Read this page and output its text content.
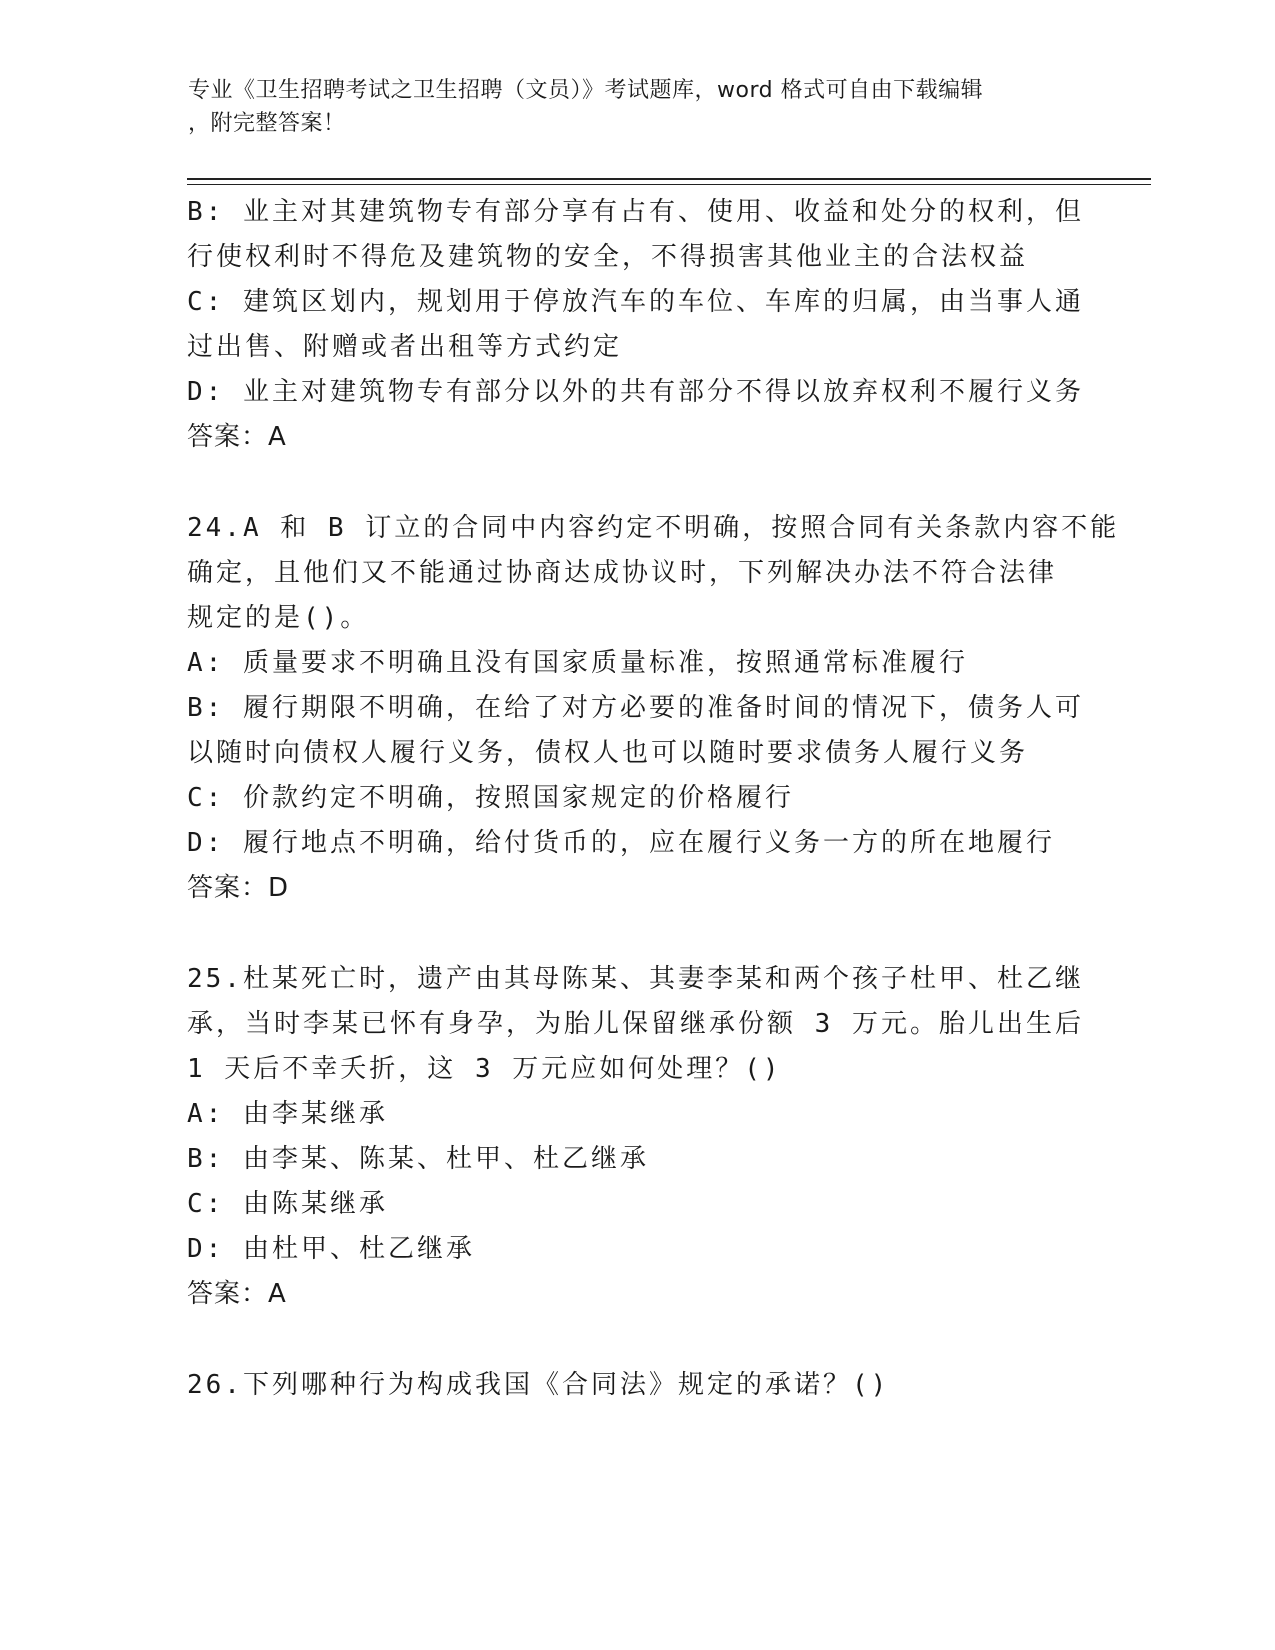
专业《卫生招聘考试之卫生招聘（文员）》考试题库，word 格式可自由下载编辑
，附完整答案！
B: 业主对其建筑物专有部分享有占有、使用、收益和处分的权利，但
行使权利时不得危及建筑物的安全，不得损害其他业主的合法权益
C: 建筑区划内，规划用于停放汽车的车位、车库的归属，由当事人通
过出售、附赠或者出租等方式约定
D: 业主对建筑物专有部分以外的共有部分不得以放弃权利不履行义务
答案：A
24.A 和 B 订立的合同中内容约定不明确，按照合同有关条款内容不能
确定，且他们又不能通过协商达成协议时，下列解决办法不符合法律
规定的是()。
A: 质量要求不明确且没有国家质量标准，按照通常标准履行
B: 履行期限不明确，在给了对方必要的准备时间的情况下，债务人可
以随时向债权人履行义务，债权人也可以随时要求债务人履行义务
C: 价款约定不明确，按照国家规定的价格履行
D: 履行地点不明确，给付货币的，应在履行义务一方的所在地履行
答案：D
25.杜某死亡时，遗产由其母陈某、其妻李某和两个孩子杜甲、杜乙继
承，当时李某已怀有身孕，为胎儿保留继承份额 3 万元。胎儿出生后
1 天后不幸夭折，这 3 万元应如何处理？()
A: 由李某继承
B: 由李某、陈某、杜甲、杜乙继承
C: 由陈某继承
D: 由杜甲、杜乙继承
答案：A
26.下列哪种行为构成我国《合同法》规定的承诺？()
